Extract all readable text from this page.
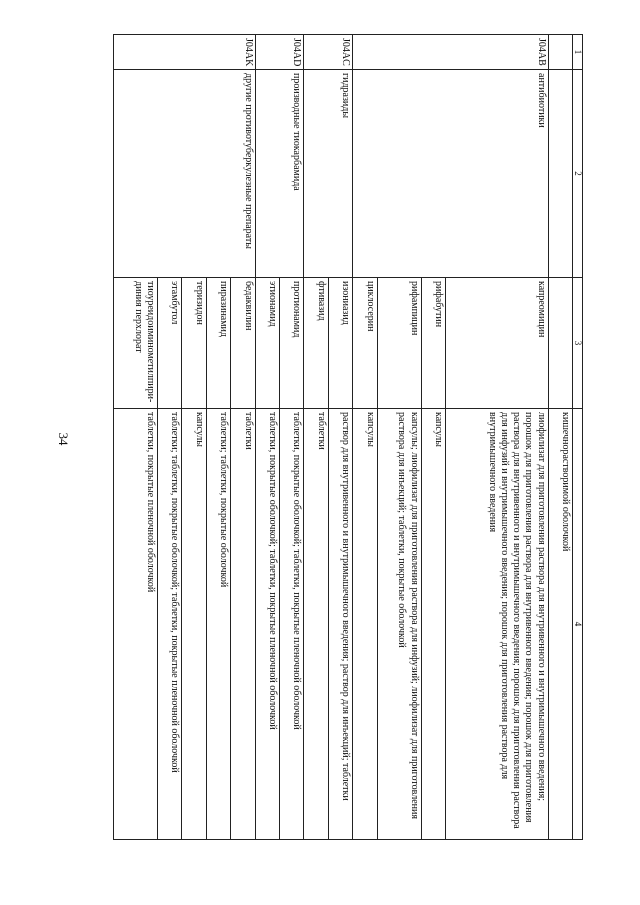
34
1	2	3	4
			кишечнорастворимой оболочкой
J04AB	антибиотики	капреомицин	лиофилизат для приготовления раствора для внутривенного и внутримышечного введения; порошок для приготовления раствора для внутривенного введения; порошок для приготовления раствора для внутривенного и внутримышечного введения; порошок для приготовления раствора для инфузий и внутримышечного введения; порошок для приготовления раствора для внутримышечного введения
		рифабутин	капсулы
		рифампицин	капсулы; лиофилизат для приготовления раствора для инфузий; лиофилизат для приготовления раствора для инъекций; таблетки, покрытые оболочкой
		циклосерин	капсулы
J04AC	гидразиды	изониазид	раствор для внутривенного и внутримышечного введения; раствор для инъекций; таблетки
		фтивазид	таблетки
J04AD	производные тиокарбамида	протионамид	таблетки, покрытые оболочкой; таблетки, покрытые пленочной оболочкой
		этионамид	таблетки, покрытые оболочкой; таблетки, покрытые пленочной оболочкой
J04AK	другие противотуберкулезные препараты	бедаквилин	таблетки
		пиразинамид	таблетки; таблетки, покрытые оболочкой
		теризидон	капсулы
		этамбутол	таблетки; таблетки, покрытые оболочкой; таблетки, покрытые пленочной оболочкой
		тиоуреидоиминометилпири-диния перхлорат	таблетки, покрытые пленочной оболочкой
